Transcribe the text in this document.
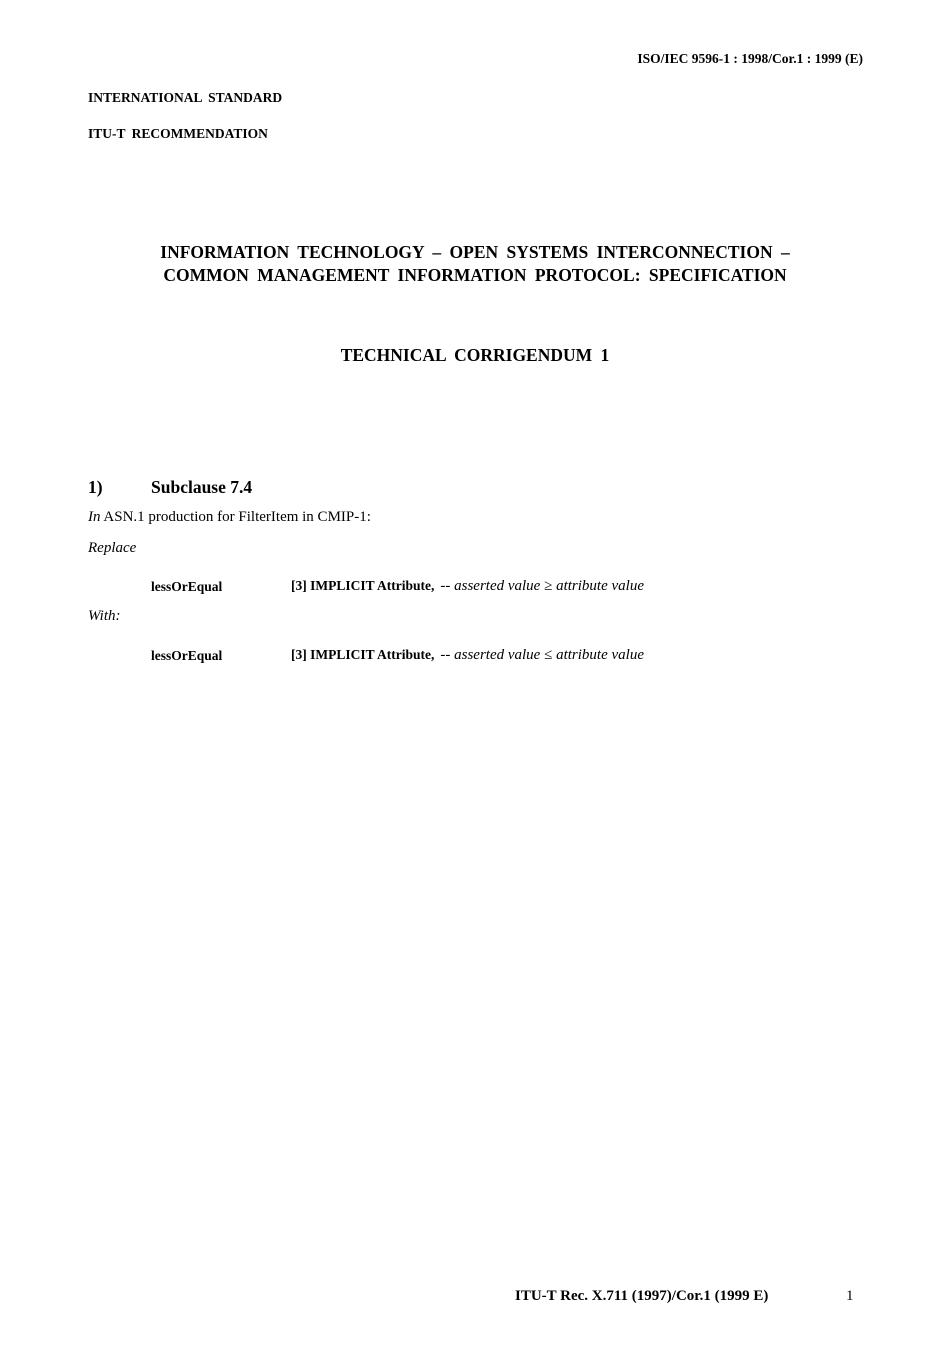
ISO/IEC 9596-1 : 1998/Cor.1 : 1999 (E)
INTERNATIONAL STANDARD
ITU-T RECOMMENDATION
INFORMATION TECHNOLOGY – OPEN SYSTEMS INTERCONNECTION –
COMMON MANAGEMENT INFORMATION PROTOCOL: SPECIFICATION
TECHNICAL CORRIGENDUM 1
1)	Subclause 7.4
In ASN.1 production for FilterItem in CMIP-1:
Replace
lessOrEqual	[3] IMPLICIT Attribute, -- asserted value ≥ attribute value
With:
lessOrEqual	[3] IMPLICIT Attribute, -- asserted value ≤ attribute value
ITU-T Rec. X.711 (1997)/Cor.1 (1999 E)	1
